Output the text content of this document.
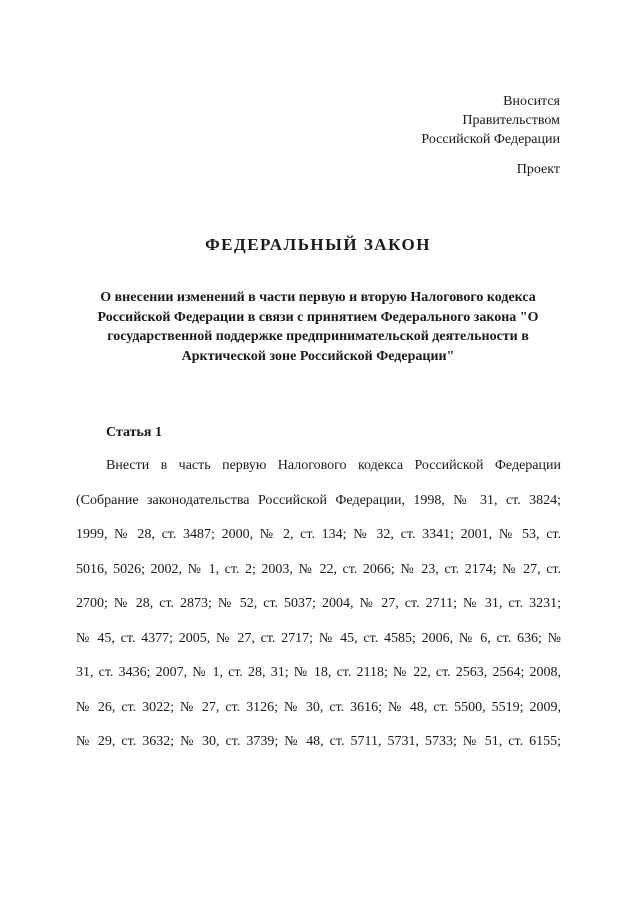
Вносится
Правительством
Российской Федерации
Проект
ФЕДЕРАЛЬНЫЙ ЗАКОН
О внесении изменений в части первую и вторую Налогового кодекса
Российской Федерации в связи с принятием Федерального закона "О
государственной поддержке предпринимательской деятельности в
Арктической зоне Российской Федерации"
Статья 1
Внести в часть первую Налогового кодекса Российской Федерации
(Собрание законодательства Российской Федерации, 1998, № 31, ст. 3824;
1999, № 28, ст. 3487; 2000, № 2, ст. 134; № 32, ст. 3341; 2001, № 53, ст.
5016, 5026; 2002, № 1, ст. 2; 2003, № 22, ст. 2066; № 23, ст. 2174; № 27, ст.
2700; № 28, ст. 2873; № 52, ст. 5037; 2004, № 27, ст. 2711; № 31, ст. 3231;
№ 45, ст. 4377; 2005, № 27, ст. 2717; № 45, ст. 4585; 2006, № 6, ст. 636; №
31, ст. 3436; 2007, № 1, ст. 28, 31; № 18, ст. 2118; № 22, ст. 2563, 2564; 2008,
№ 26, ст. 3022; № 27, ст. 3126; № 30, ст. 3616; № 48, ст. 5500, 5519; 2009,
№ 29, ст. 3632; № 30, ст. 3739; № 48, ст. 5711, 5731, 5733; № 51, ст. 6155;
